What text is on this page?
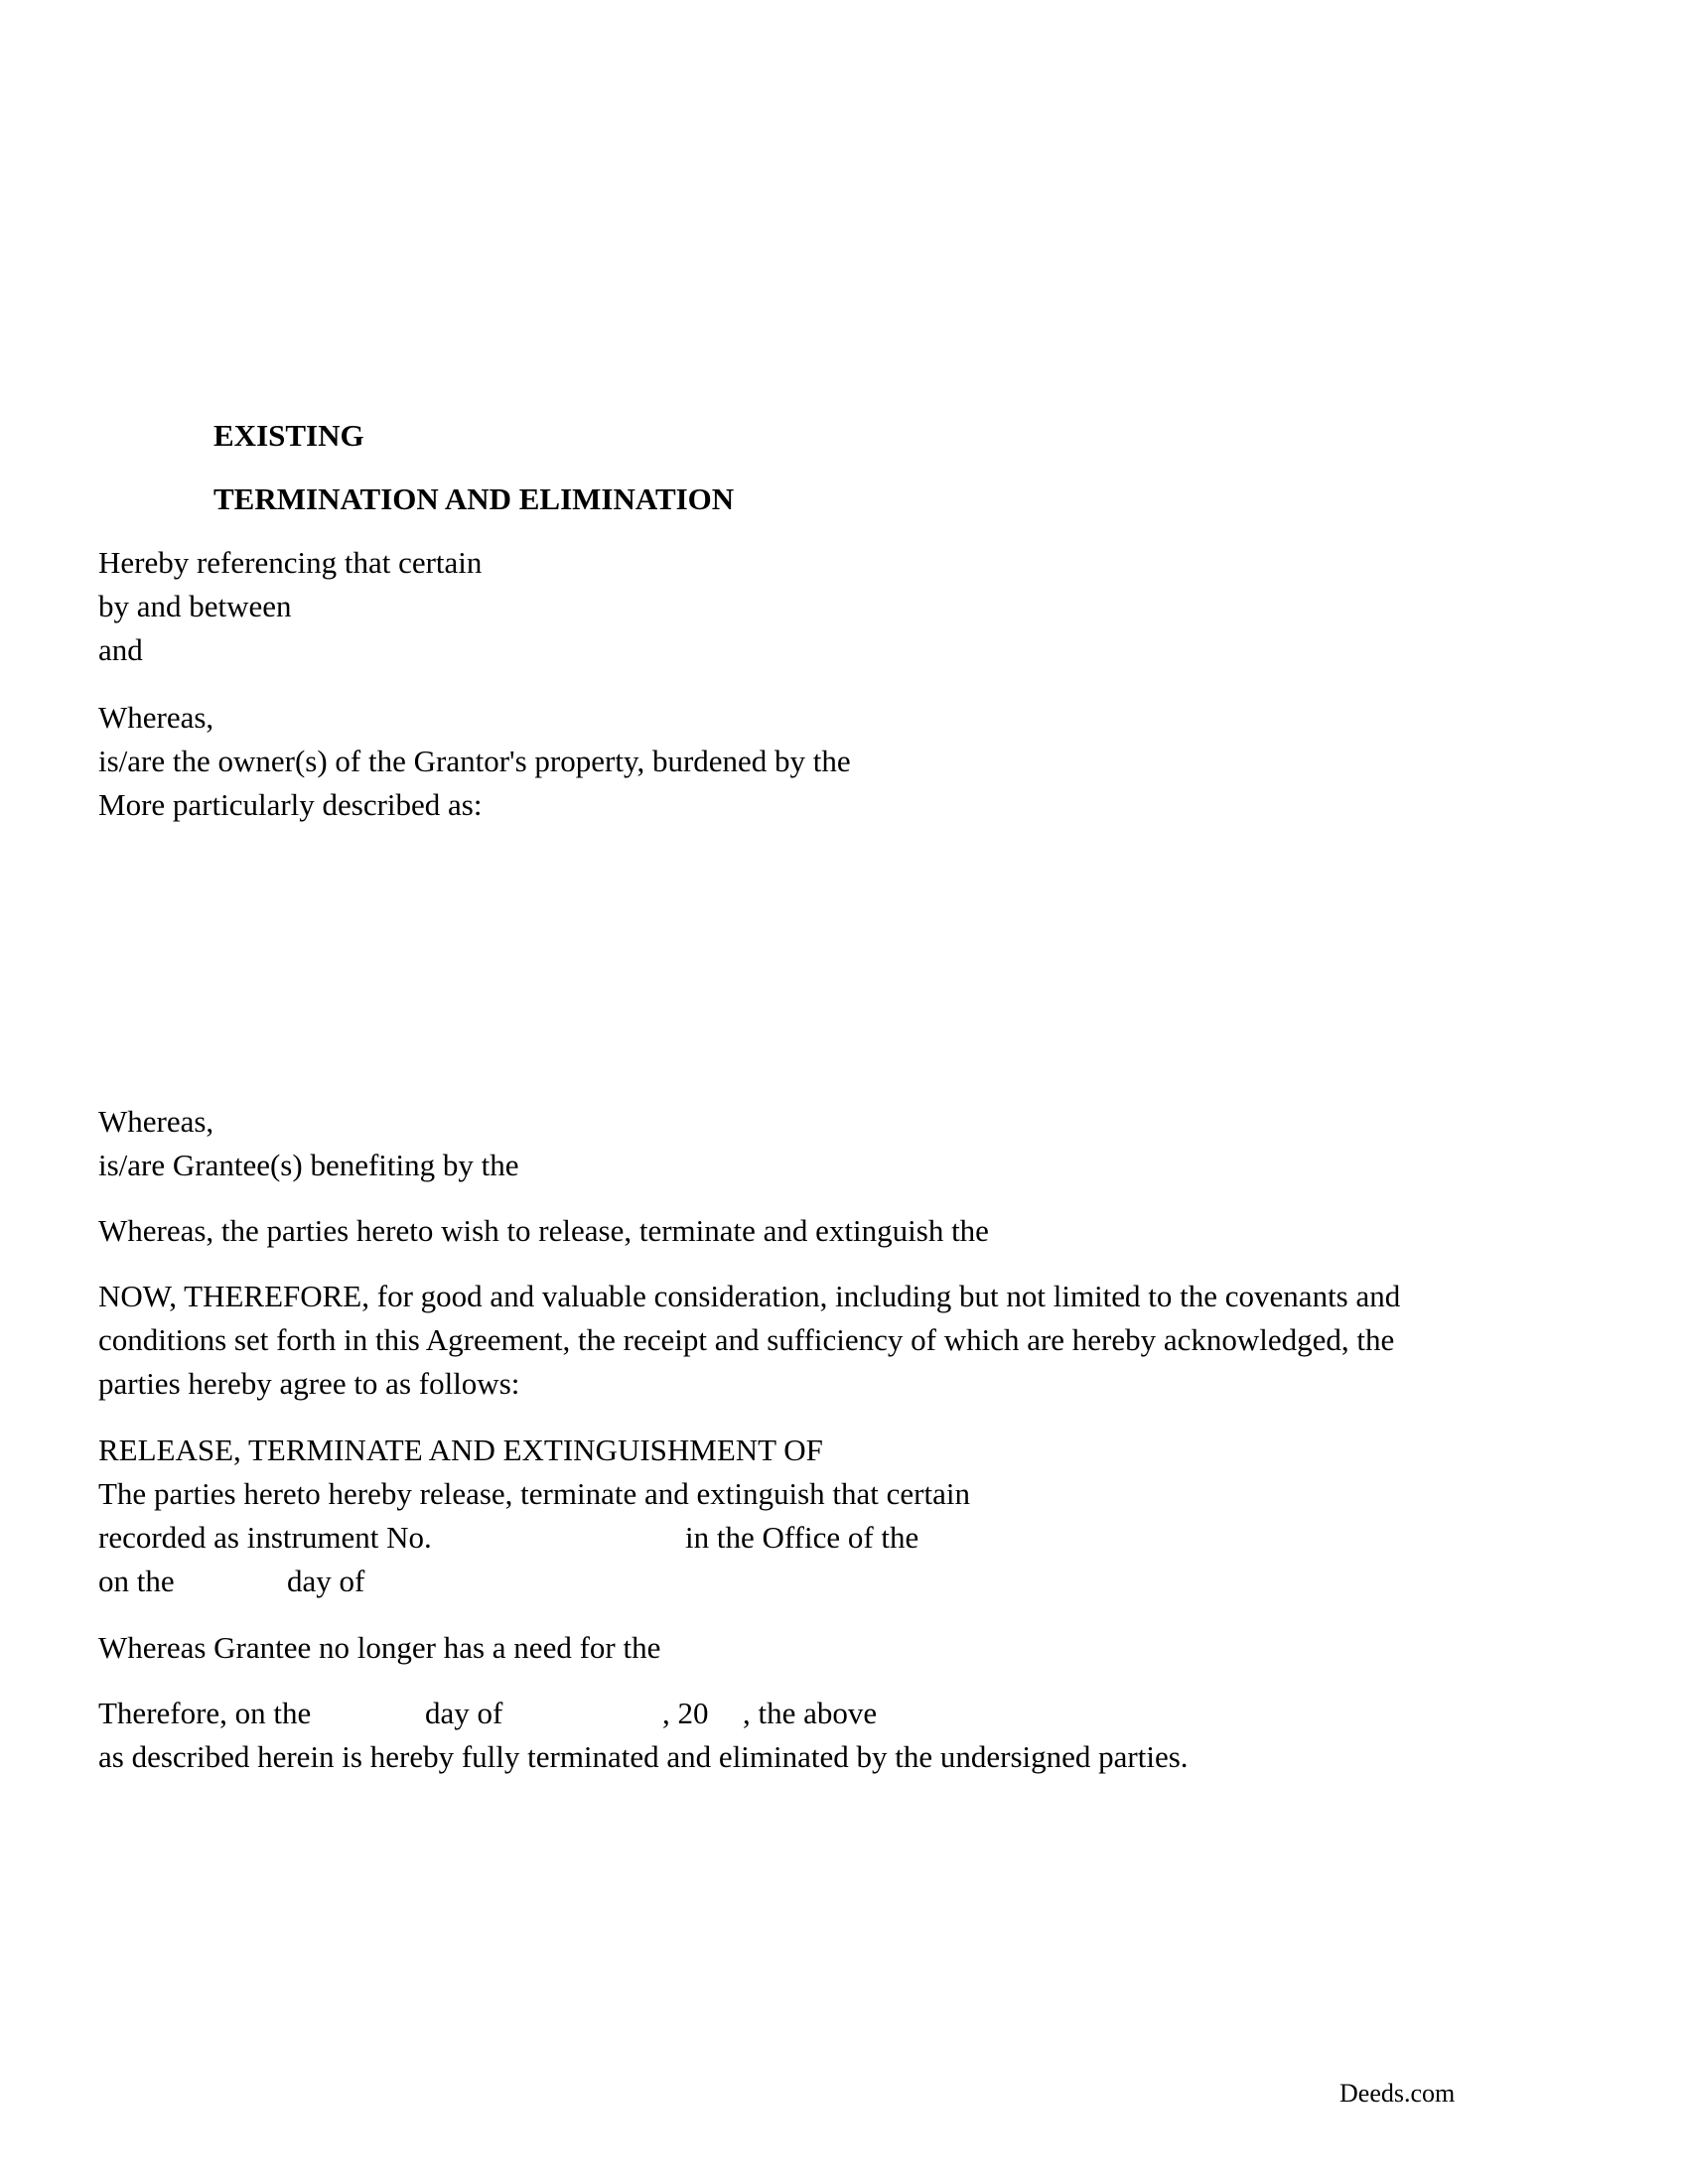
EXISTING

TERMINATION AND ELIMINATION

Hereby referencing that certain

by and between

and

Whereas,

is/are the owner(s) of the Grantor's property, burdened by the

More particularly described as:

Whereas,

is/are Grantee(s) benefiting by the

Whereas, the parties hereto wish to release, terminate and extinguish the

NOW, THEREFORE, for good and valuable consideration, including but not limited to the covenants and

conditions set forth in this Agreement, the receipt and sufficiency of which are hereby acknowledged, the

parties hereby agree to as follows:

RELEASE, TERMINATE AND EXTINGUISHMENT OF

The parties hereto hereby release, terminate and extinguish that certain

recorded as instrument No.	in the Office of the

on the	day of

Whereas Grantee no longer has a need for the

Therefore, on the	day of	, 20 , the above

as described herein is hereby fully terminated and eliminated by the undersigned parties.

Deeds.com
